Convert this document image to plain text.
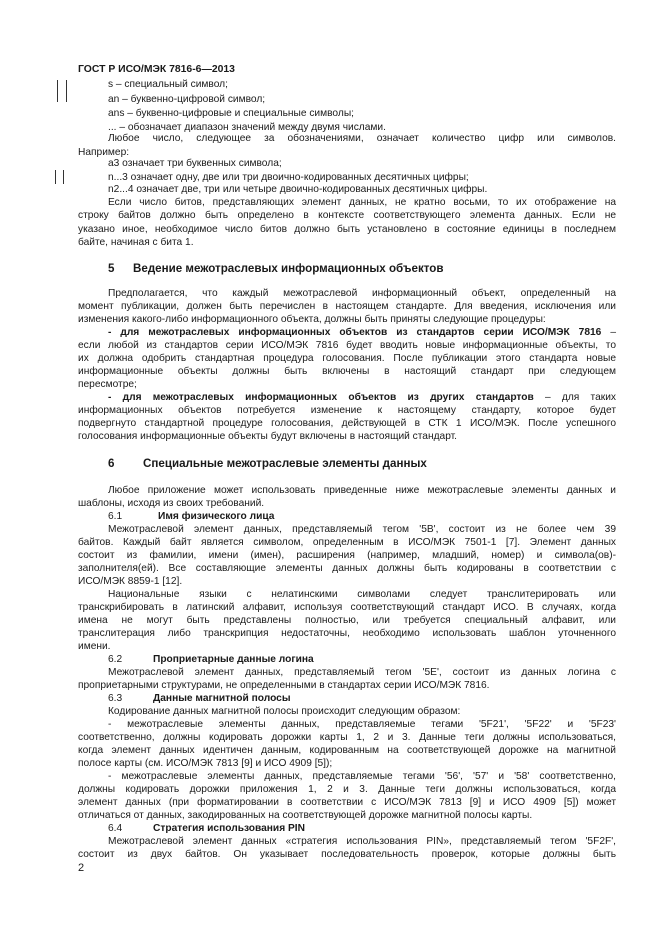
ГОСТ Р ИСО/МЭК 7816-6—2013
s – специальный символ;
an – буквенно-цифровой символ;
ans – буквенно-цифровые и специальные символы;
... – обозначает диапазон значений между двумя числами.
Любое число, следующее за обозначениями, означает количество цифр или символов.
Например:
a3 означает три буквенных символа;
n...3 означает одну, две или три двоично-кодированных десятичных цифры;
n2...4 означает две, три или четыре двоично-кодированных десятичных цифры.
Если число битов, представляющих элемент данных, не кратно восьми, то их отображение на
строку байтов должно быть определено в контексте соответствующего элемента данных. Если не
указано иное, необходимое число битов должно быть установлено в состояние единицы в последнем
байте, начиная с бита 1.
5 Ведение межотраслевых информационных объектов
Предполагается, что каждый межотраслевой информационный объект, определенный на
момент публикации, должен быть перечислен в настоящем стандарте. Для введения, исключения или
изменения какого-либо информационного объекта, должны быть приняты следующие процедуры:
- для межотраслевых информационных объектов из стандартов серии ИСО/МЭК 7816 –
если любой из стандартов серии ИСО/МЭК 7816 будет вводить новые информационные объекты, то
их должна одобрить стандартная процедура голосования. После публикации этого стандарта новые
информационные объекты должны быть включены в настоящий стандарт при следующем
пересмотре;
- для межотраслевых информационных объектов из других стандартов – для таких
информационных объектов потребуется изменение к настоящему стандарту, которое будет
подвергнуто стандартной процедуре голосования, действующей в СТК 1 ИСО/МЭК. После успешного
голосования информационные объекты будут включены в настоящий стандарт.
6 Специальные межотраслевые элементы данных
Любое приложение может использовать приведенные ниже межотраслевые элементы данных и
шаблоны, исходя из своих требований.
6.1	Имя физического лица
Межотраслевой элемент данных, представляемый тегом '5B', состоит из не более чем 39
байтов. Каждый байт является символом, определенным в ИСО/МЭК 7501-1 [7]. Элемент данных
состоит из фамилии, имени (имен), расширения (например, младший, номер) и символа(ов)-
заполнителя(ей). Все составляющие элементы данных должны быть кодированы в соответствии с
ИСО/МЭК 8859-1 [12].
Национальные языки с нелатинскими символами следует транслитерировать или
транскрибировать в латинский алфавит, используя соответствующий стандарт ИСО. В случаях, когда
имена не могут быть представлены полностью, или требуется специальный алфавит, или
транслитерация либо транскрипция недостаточны, необходимо использовать шаблон уточненного
имени.
6.2	Проприетарные данные логина
Межотраслевой элемент данных, представляемый тегом '5E', состоит из данных логина с
проприетарными структурами, не определенными в стандартах серии ИСО/МЭК 7816.
6.3	Данные магнитной полосы
Кодирование данных магнитной полосы происходит следующим образом:
- межотраслевые элементы данных, представляемые тегами '5F21', '5F22' и '5F23'
соответственно, должны кодировать дорожки карты 1, 2 и 3. Данные теги должны использоваться,
когда элемент данных идентичен данным, кодированным на соответствующей дорожке на магнитной
полосе карты (см. ИСО/МЭК 7813 [9] и ИСО 4909 [5]);
- межотраслевые элементы данных, представляемые тегами '56', '57' и '58' соответственно,
должны кодировать дорожки приложения 1, 2 и 3. Данные теги должны использоваться, когда
элемент данных (при форматировании в соответствии с ИСО/МЭК 7813 [9] и ИСО 4909 [5]) может
отличаться от данных, закодированных на соответствующей дорожке магнитной полосы карты.
6.4	Стратегия использования PIN
Межотраслевой элемент данных «стратегия использования PIN», представляемый тегом '5F2F',
состоит из двух байтов. Он указывает последовательность проверок, которые должны быть
2
